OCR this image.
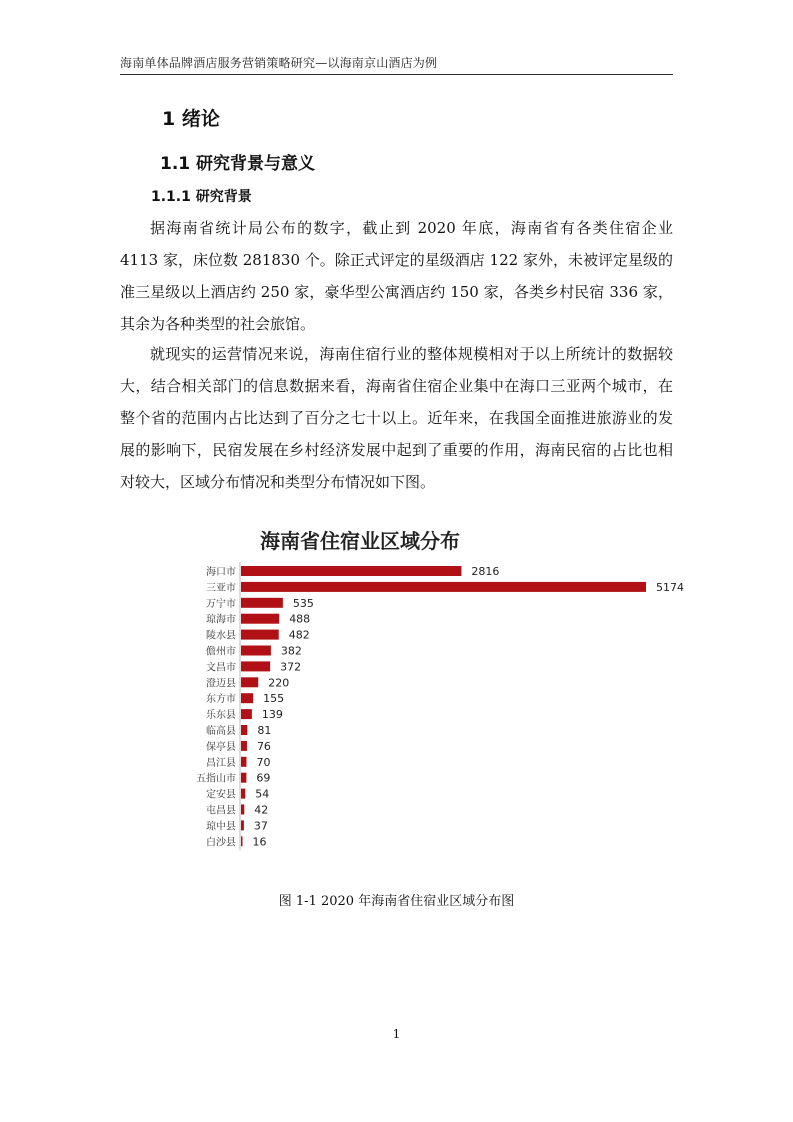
海南单体品牌酒店服务营销策略研究—以海南京山酒店为例
1 绪论
1.1 研究背景与意义
1.1.1 研究背景

据海南省统计局公布的数字，截止到 2020 年底，海南省有各类住宿企业 4113 家，床位数 281830 个。除正式评定的星级酒店 122 家外，未被评定星级的准三星级以上酒店约 250 家，豪华型公寓酒店约 150 家，各类乡村民宿 336 家，其余为各种类型的社会旅馆。

就现实的运营情况来说，海南住宿行业的整体规模相对于以上所统计的数据较大，结合相关部门的信息数据来看，海南省住宿企业集中在海口三亚两个城市，在整个省的范围内占比达到了百分之七十以上。近年来，在我国全面推进旅游业的发展的影响下，民宿发展在乡村经济发展中起到了重要的作用，海南民宿的占比也相对较大，区域分布情况和类型分布情况如下图。

海南省住宿业区域分布
海口市	2816
三亚市	5174
万宁市	535
琼海市	488
陵水县	482
儋州市	382
文昌市	372
澄迈县	220
东方市 155
乐东县 139
临高县 81
保亭县 76
昌江县 70
五指山市 69
定安县 54
屯昌县 42
琼中县 37
白沙县 16
图 1-1 2020 年海南省住宿业区域分布图
1
